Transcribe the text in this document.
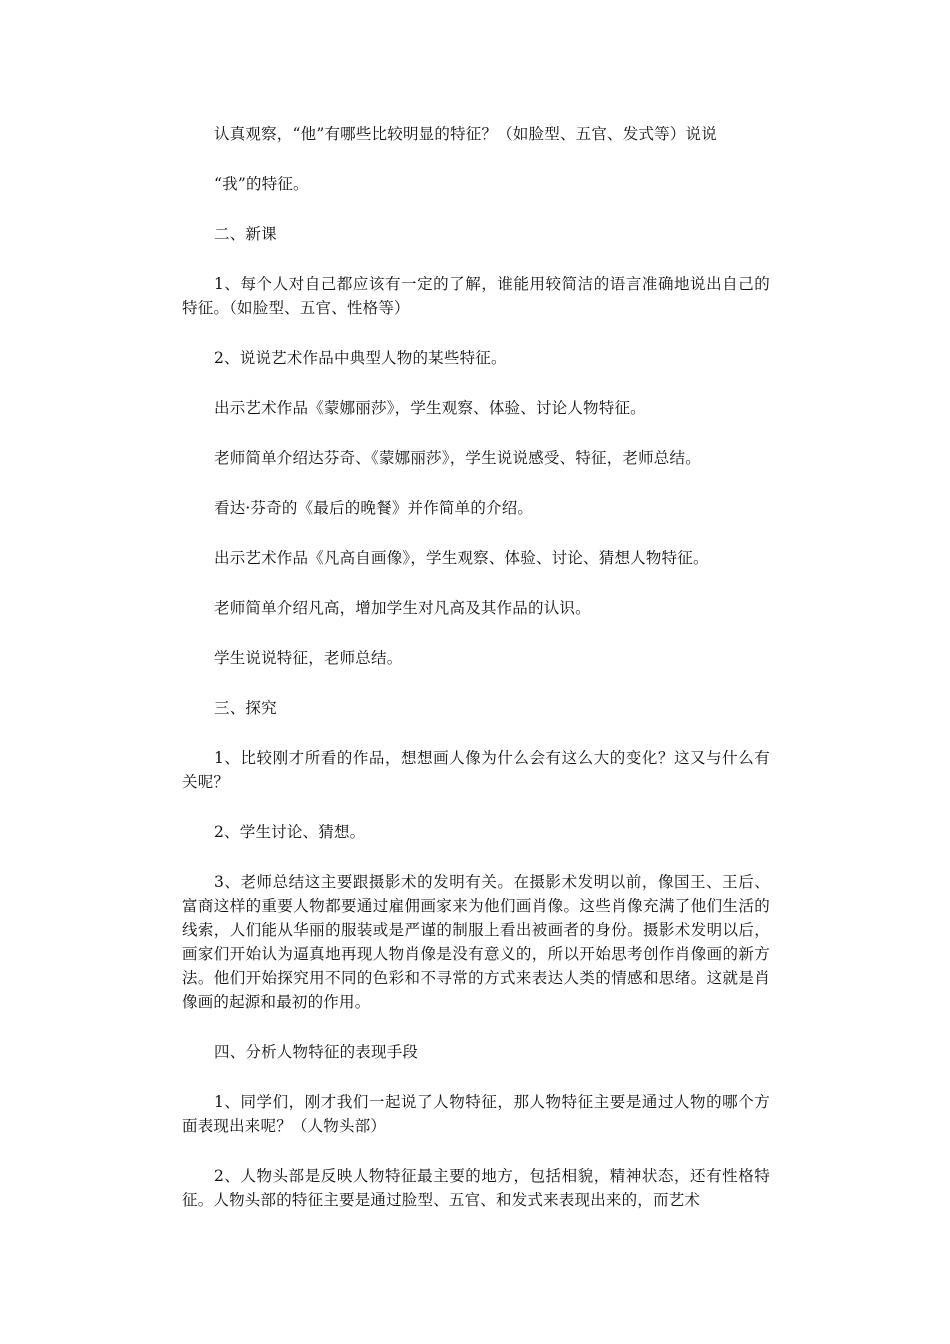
认真观察，“他”有哪些比较明显的特征？（如脸型、五官、发式等）说说

“我”的特征。

二、新课

1、每个人对自己都应该有一定的了解，谁能用较简洁的语言准确地说出自己的特征。（如脸型、五官、性格等）

2、说说艺术作品中典型人物的某些特征。

出示艺术作品《蒙娜丽莎》，学生观察、体验、讨论人物特征。

老师简单介绍达芬奇、《蒙娜丽莎》，学生说说感受、特征，老师总结。

看达·芬奇的《最后的晚餐》并作简单的介绍。

出示艺术作品《凡高自画像》，学生观察、体验、讨论、猜想人物特征。

老师简单介绍凡高，增加学生对凡高及其作品的认识。

学生说说特征，老师总结。

三、探究

1、比较刚才所看的作品，想想画人像为什么会有这么大的变化？这又与什么有关呢？

2、学生讨论、猜想。

3、老师总结这主要跟摄影术的发明有关。在摄影术发明以前，像国王、王后、富商这样的重要人物都要通过雇佣画家来为他们画肖像。这些肖像充满了他们生活的线索，人们能从华丽的服装或是严谨的制服上看出被画者的身份。摄影术发明以后，画家们开始认为逼真地再现人物肖像是没有意义的，所以开始思考创作肖像画的新方法。他们开始探究用不同的色彩和不寻常的方式来表达人类的情感和思绪。这就是肖像画的起源和最初的作用。

四、分析人物特征的表现手段

1、同学们，刚才我们一起说了人物特征，那人物特征主要是通过人物的哪个方面表现出来呢？（人物头部）

2、人物头部是反映人物特征最主要的地方，包括相貌，精神状态，还有性格特征。人物头部的特征主要是通过脸型、五官、和发式来表现出来的，而艺术
